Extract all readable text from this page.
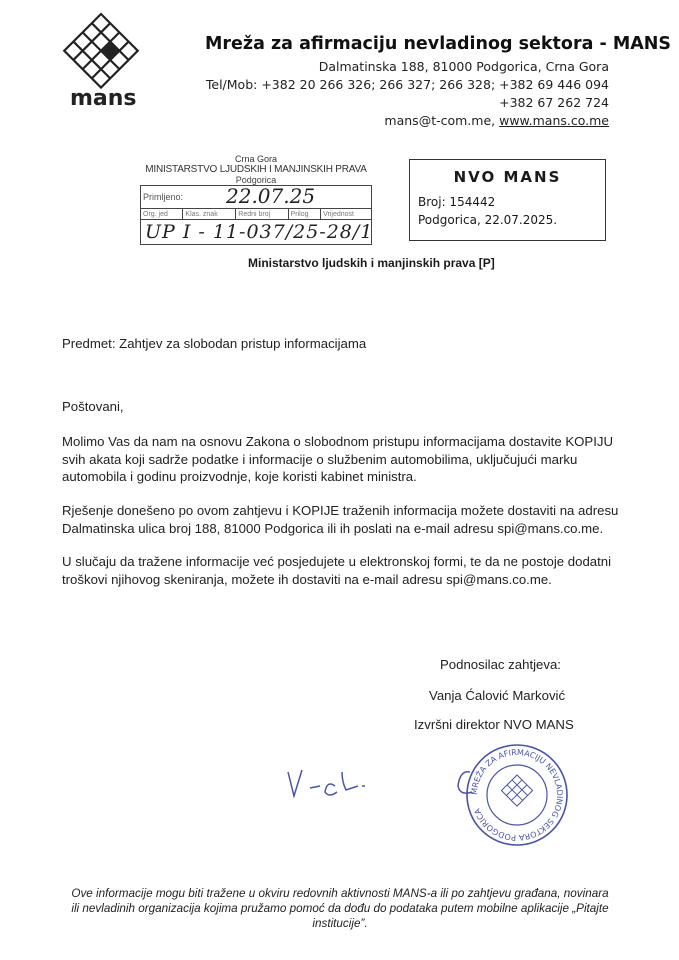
mans
Mreža za afirmaciju nevladinog sektora - MANS
Dalmatinska 188, 81000 Podgorica, Crna Gora
Tel/Mob: +382 20 266 326; 266 327; 266 328; +382 69 446 094
+382 67 262 724
mans@t-com.me, www.mans.co.me
Crna Gora
MINISTARSTVO LJUDSKIH I MANJINSKIH PRAVA
Podgorica
Primljeno: 22.07.25

Org. jed	Klas. znak	Redni broj	Prilog	Vrijednost

UP I - 11-037/25-28/1
Ministarstvo ljudskih i manjinskih prava [P]
NVO MANS
Broj: 154442
Podgorica, 22.07.2025.
Predmet: Zahtjev za slobodan pristup informacijama
Poštovani,
Molimo Vas da nam na osnovu Zakona o slobodnom pristupu informacijama dostavite KOPIJU svih akata koji sadrže podatke i informacije o službenim automobilima, uključujući marku automobila i godinu proizvodnje, koje koristi kabinet ministra.
Rješenje donešeno po ovom zahtjevu i KOPIJE traženih informacija možete dostaviti na adresu Dalmatinska ulica broj 188, 81000 Podgorica ili ih poslati na e-mail adresu spi@mans.co.me.
U slučaju da tražene informacije već posjedujete u elektronskoj formi, te da ne postoje dodatni troškovi njihovog skeniranja, možete ih dostaviti na e-mail adresu spi@mans.co.me.
Podnosilac zahtjeva:
Vanja Ćalović Marković
Izvršni direktor NVO MANS
MREŽA ZA AFIRMACIJU NEVLADINOG SEKTORA PODGORICA
Ove informacije mogu biti tražene u okviru redovnih aktivnosti MANS-a ili po zahtjevu građana, novinara ili nevladinih organizacija kojima pružamo pomoć da dođu do podataka putem mobilne aplikacije „Pitajte institucije”.
